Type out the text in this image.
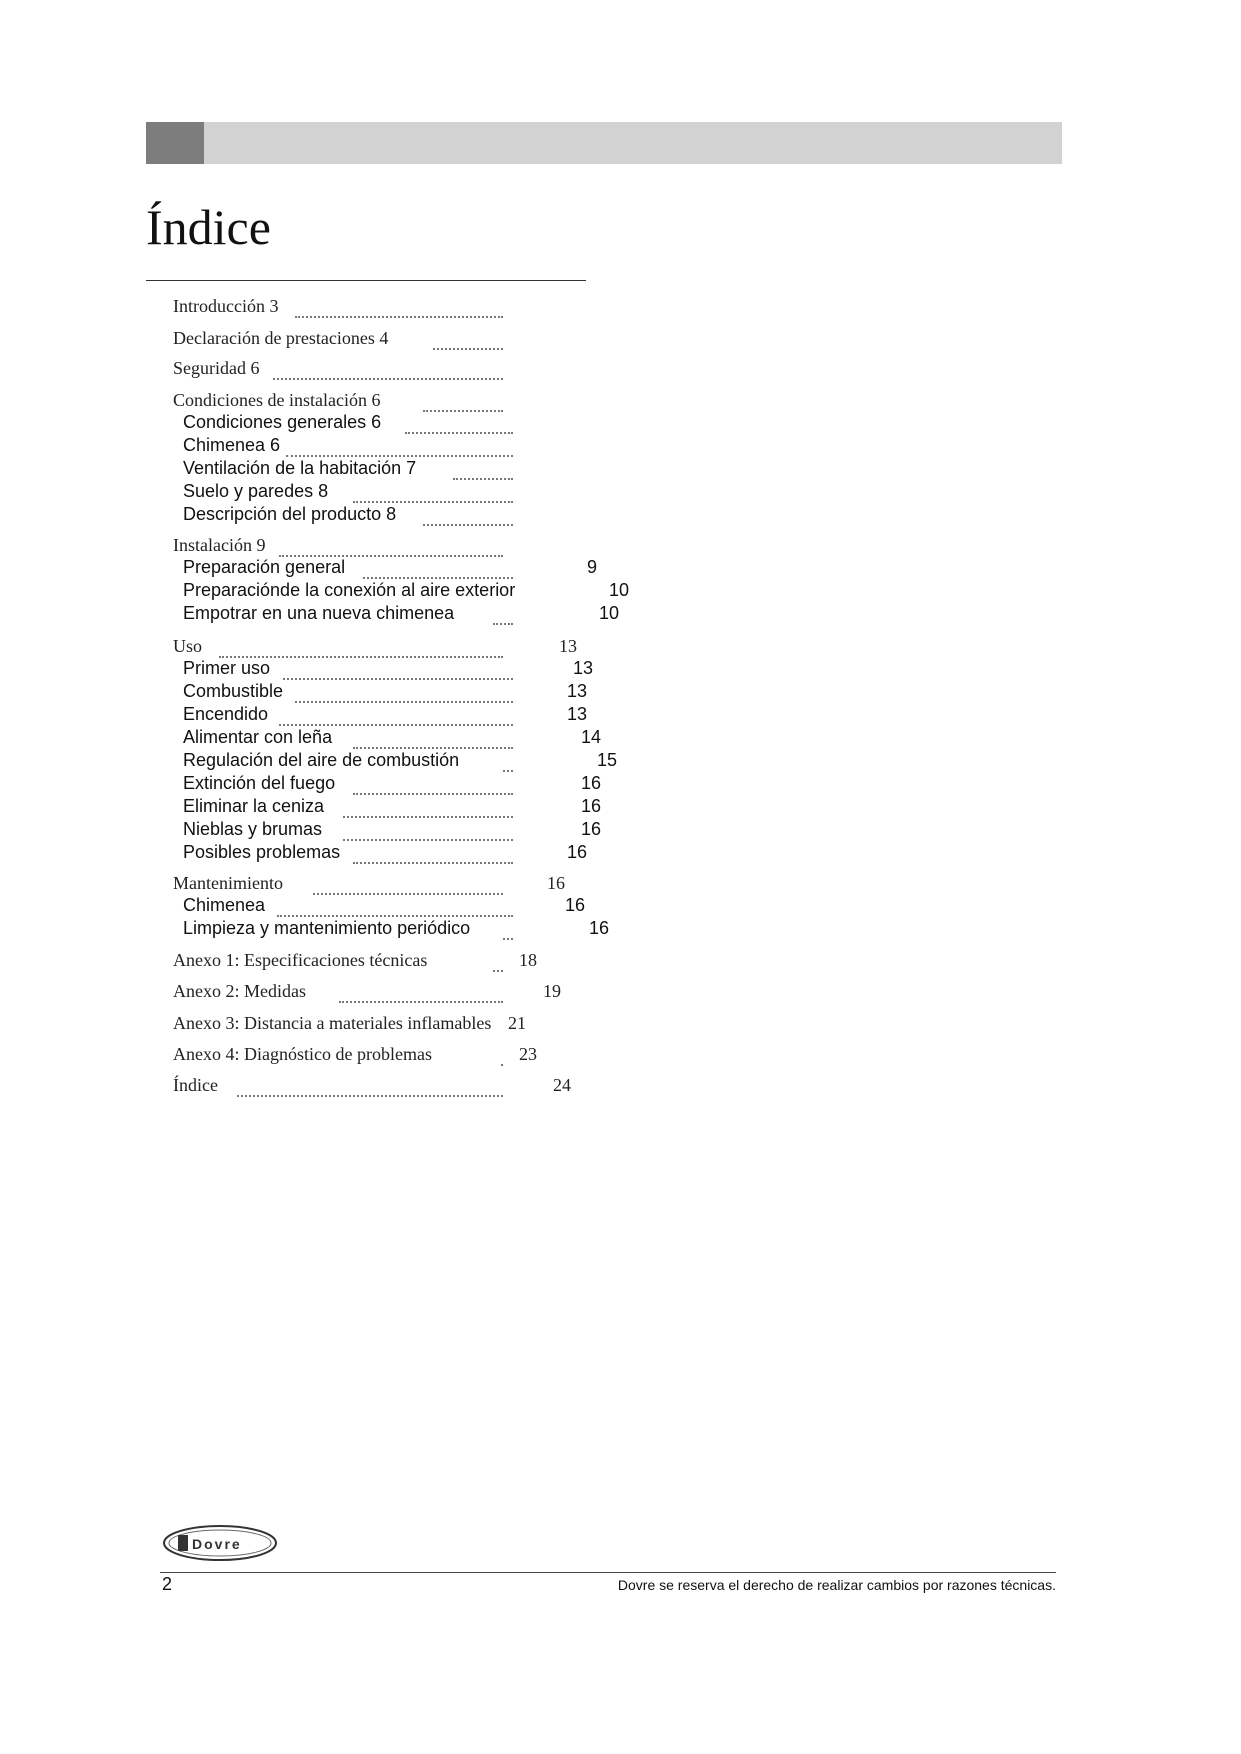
Índice
Introducción 3
Declaración de prestaciones 4
Seguridad 6
Condiciones de instalación 6
Condiciones generales 6
Chimenea 6
Ventilación de la habitación 7
Suelo y paredes 8
Descripción del producto 8
Instalación 9
Preparación general	9
Preparaciónde la conexión al aire exterior	10
Empotrar en una nueva chimenea	10
Uso	13
Primer uso	13
Combustible	13
Encendido	13
Alimentar con leña	14
Regulación del aire de combustión	15
Extinción del fuego	16
Eliminar la ceniza	16
Nieblas y brumas	16
Posibles problemas	16
Mantenimiento	16
Chimenea	16
Limpieza y mantenimiento periódico	16
Anexo 1: Especificaciones técnicas	18
Anexo 2: Medidas	19
Anexo 3: Distancia a materiales inflamables 21
Anexo 4: Diagnóstico de problemas	23
Índice	24
Dovre
2	Dovre se reserva el derecho de realizar cambios por razones técnicas.
